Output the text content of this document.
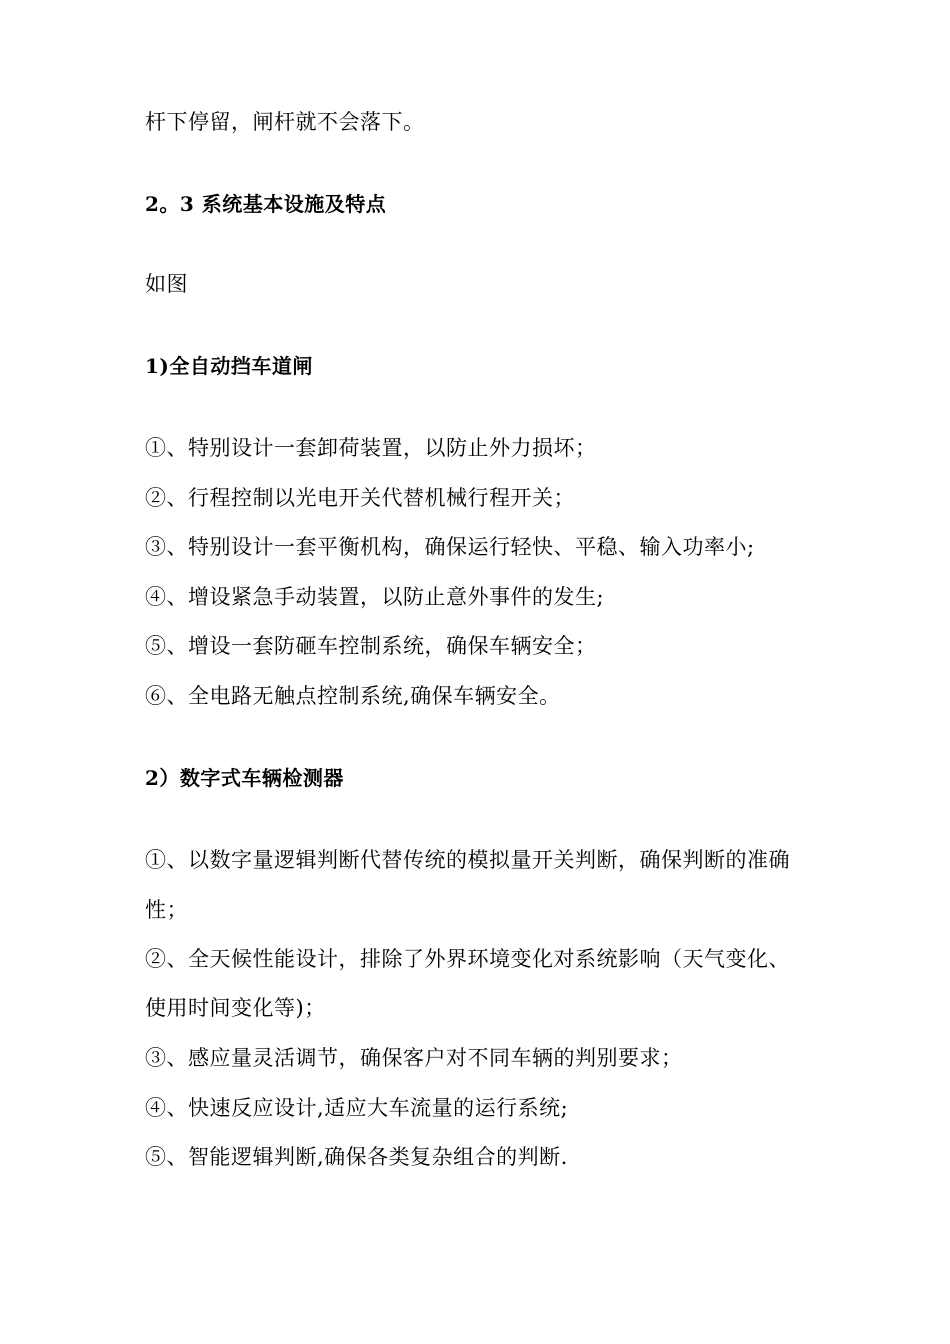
杆下停留，闸杆就不会落下。
2。3 系统基本设施及特点
如图
1)全自动挡车道闸
①、特别设计一套卸荷装置，以防止外力损坏；
②、行程控制以光电开关代替机械行程开关；
③、特别设计一套平衡机构，确保运行轻快、平稳、输入功率小;
④、增设紧急手动装置，以防止意外事件的发生;
⑤、增设一套防砸车控制系统，确保车辆安全；
⑥、全电路无触点控制系统,确保车辆安全。
2）数字式车辆检测器
①、以数字量逻辑判断代替传统的模拟量开关判断，确保判断的准确
性；
②、全天候性能设计，排除了外界环境变化对系统影响（天气变化、
使用时间变化等)；
③、感应量灵活调节，确保客户对不同车辆的判别要求；
④、快速反应设计,适应大车流量的运行系统;
⑤、智能逻辑判断,确保各类复杂组合的判断.
